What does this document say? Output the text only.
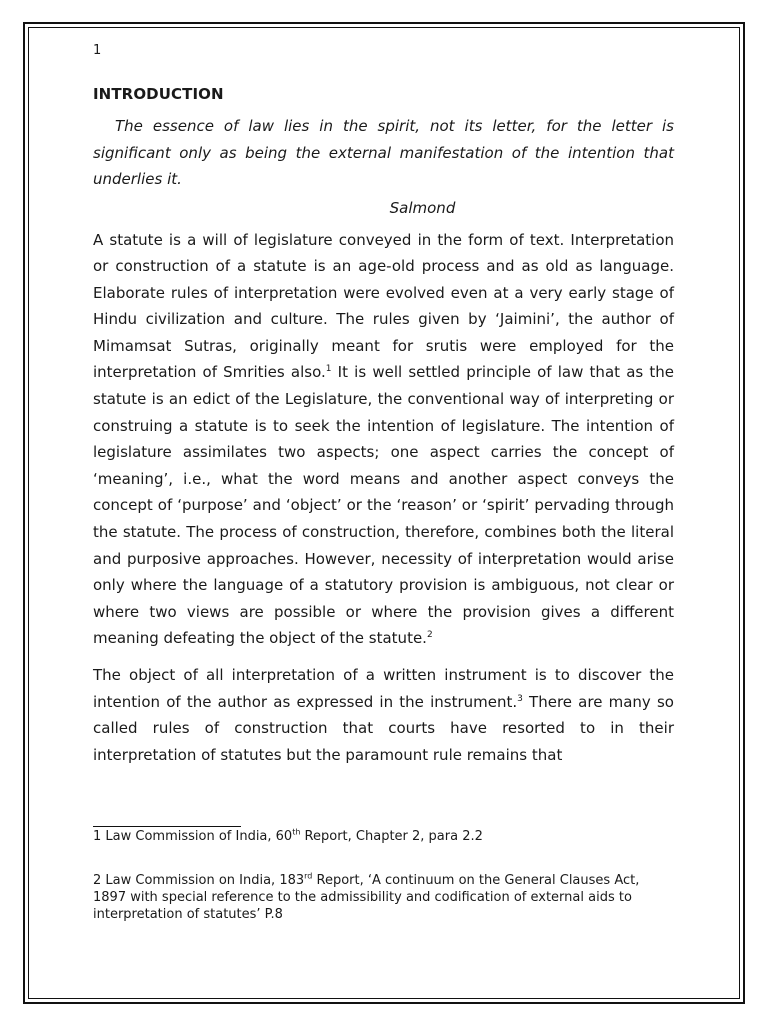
1

INTRODUCTION

The essence of law lies in the spirit, not its letter, for the letter is significant only as being the external manifestation of the intention that underlies it.

Salmond

A statute is a will of legislature conveyed in the form of text. Interpretation or construction of a statute is an age-old process and as old as language. Elaborate rules of interpretation were evolved even at a very early stage of Hindu civilization and culture. The rules given by ‘Jaimini’, the author of Mimamsat Sutras, originally meant for srutis were employed for the interpretation of Smrities also.$^1$ It is well settled principle of law that as the statute is an edict of the Legislature, the conventional way of interpreting or construing a statute is to seek the intention of legislature. The intention of legislature assimilates two aspects; one aspect carries the concept of ‘meaning’, i.e., what the word means and another aspect conveys the concept of ‘purpose’ and ‘object’ or the ‘reason’ or ‘spirit’ pervading through the statute. The process of construction, therefore, combines both the literal and purposive approaches. However, necessity of interpretation would arise only where the language of a statutory provision is ambiguous, not clear or where two views are possible or where the provision gives a different meaning defeating the object of the statute.$^2$

The object of all interpretation of a written instrument is to discover the intention of the author as expressed in the instrument.$^3$ There are many so called rules of construction that courts have resorted to in their interpretation of statutes but the paramount rule remains that

1 Law Commission of India, 60th Report, Chapter 2, para 2.2
2 Law Commission on India, 183rd Report, ‘A continuum on the General Clauses Act, 1897 with special reference to the admissibility and codification of external aids to interpretation of statutes’ P.8
